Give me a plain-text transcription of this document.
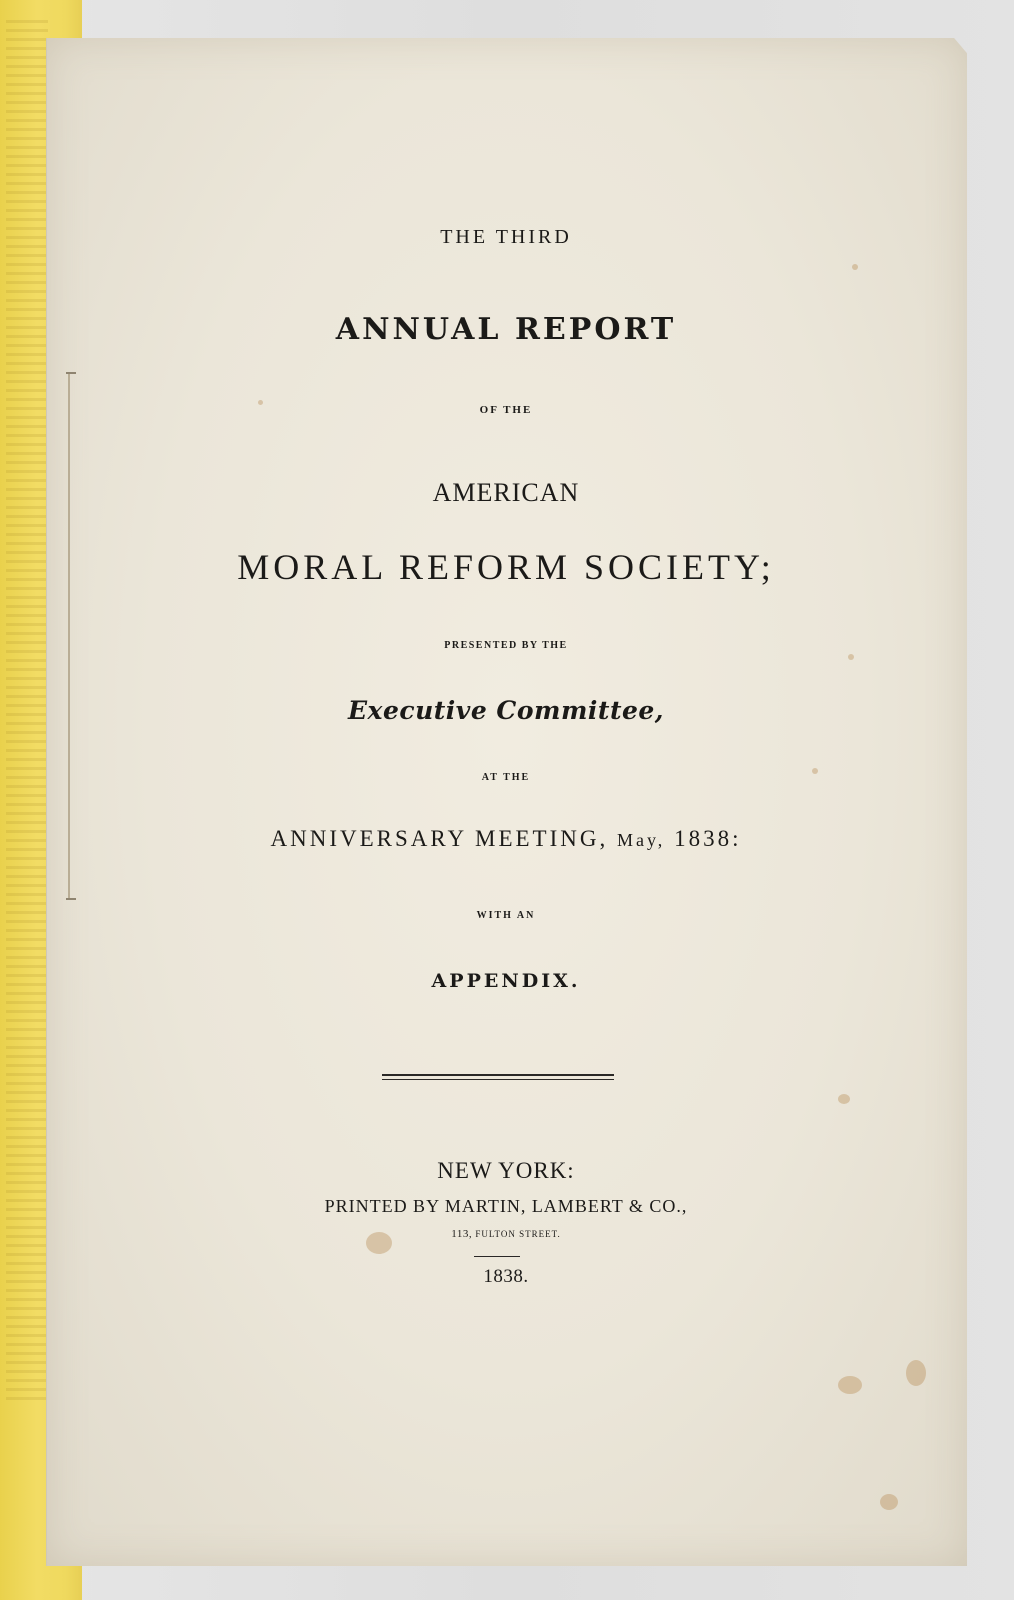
THE THIRD

ANNUAL REPORT

OF THE

AMERICAN

MORAL REFORM SOCIETY;

PRESENTED BY THE

Executive Committee,

AT THE

ANNIVERSARY MEETING, May, 1838:

WITH AN

APPENDIX.

NEW YORK:

PRINTED BY MARTIN, LAMBERT & CO.,

113, FULTON STREET.

1838.
